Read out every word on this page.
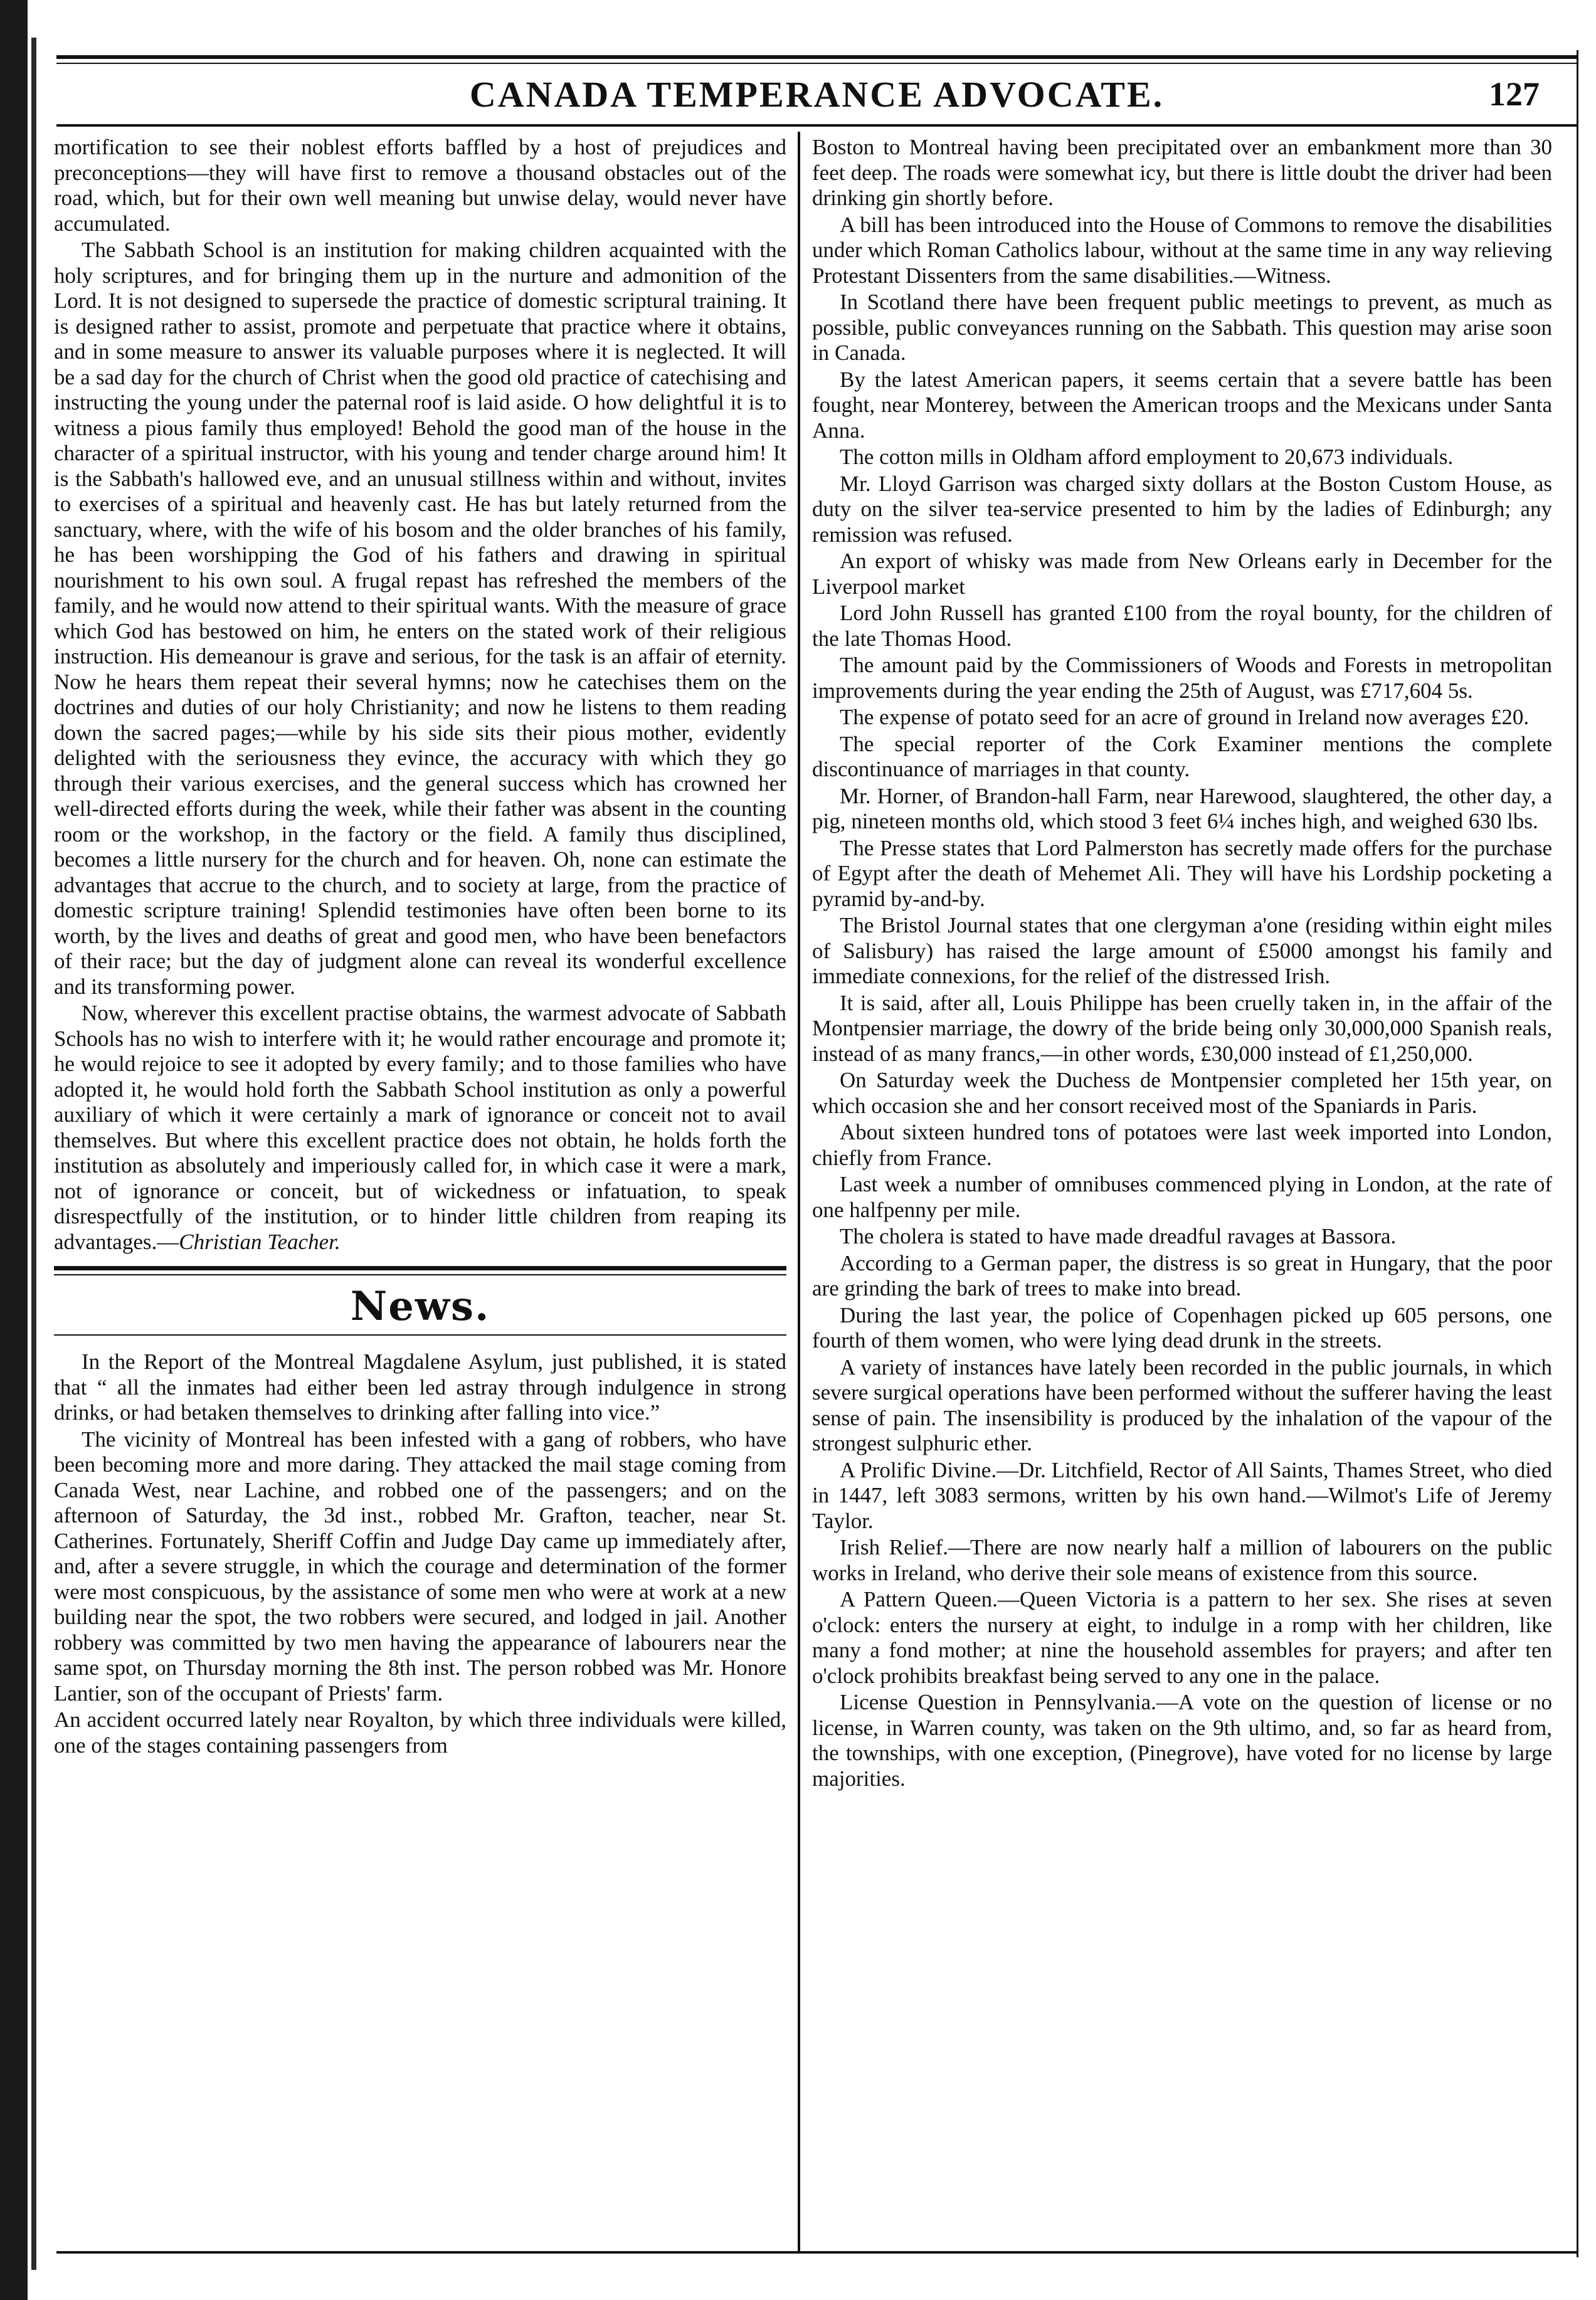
CANADA TEMPERANCE ADVOCATE.	127

mortification to see their noblest efforts baffled by a host of prejudices and preconceptions—they will have first to remove a thousand obstacles out of the road, which, but for their own well meaning but unwise delay, would never have accumulated.

The Sabbath School is an institution for making children acquainted with the holy scriptures, and for bringing them up in the nurture and admonition of the Lord. It is not designed to supersede the practice of domestic scriptural training. It is designed rather to assist, promote and perpetuate that practice where it obtains, and in some measure to answer its valuable purposes where it is neglected. It will be a sad day for the church of Christ when the good old practice of catechising and instructing the young under the paternal roof is laid aside. O how delightful it is to witness a pious family thus employed! Behold the good man of the house in the character of a spiritual instructor, with his young and tender charge around him! It is the Sabbath's hallowed eve, and an unusual stillness within and without, invites to exercises of a spiritual and heavenly cast. He has but lately returned from the sanctuary, where, with the wife of his bosom and the older branches of his family, he has been worshipping the God of his fathers and drawing in spiritual nourishment to his own soul. A frugal repast has refreshed the members of the family, and he would now attend to their spiritual wants. With the measure of grace which God has bestowed on him, he enters on the stated work of their religious instruction. His demeanour is grave and serious, for the task is an affair of eternity. Now he hears them repeat their several hymns; now he catechises them on the doctrines and duties of our holy Christianity; and now he listens to them reading down the sacred pages;—while by his side sits their pious mother, evidently delighted with the seriousness they evince, the accuracy with which they go through their various exercises, and the general success which has crowned her well-directed efforts during the week, while their father was absent in the counting room or the workshop, in the factory or the field. A family thus disciplined, becomes a little nursery for the church and for heaven. Oh, none can estimate the advantages that accrue to the church, and to society at large, from the practice of domestic scripture training! Splendid testimonies have often been borne to its worth, by the lives and deaths of great and good men, who have been benefactors of their race; but the day of judgment alone can reveal its wonderful excellence and its transforming power.

Now, wherever this excellent practise obtains, the warmest advocate of Sabbath Schools has no wish to interfere with it; he would rather encourage and promote it; he would rejoice to see it adopted by every family; and to those families who have adopted it, he would hold forth the Sabbath School institution as only a powerful auxiliary of which it were certainly a mark of ignorance or conceit not to avail themselves. But where this excellent practice does not obtain, he holds forth the institution as absolutely and imperiously called for, in which case it were a mark, not of ignorance or conceit, but of wickedness or infatuation, to speak disrespectfully of the institution, or to hinder little children from reaping its advantages.—Christian Teacher.

News.

In the Report of the Montreal Magdalene Asylum, just published, it is stated that “ all the inmates had either been led astray through indulgence in strong drinks, or had betaken themselves to drinking after falling into vice.”

The vicinity of Montreal has been infested with a gang of robbers, who have been becoming more and more daring. They attacked the mail stage coming from Canada West, near Lachine, and robbed one of the passengers; and on the afternoon of Saturday, the 3d inst., robbed Mr. Grafton, teacher, near St. Catherines. Fortunately, Sheriff Coffin and Judge Day came up immediately after, and, after a severe struggle, in which the courage and determination of the former were most conspicuous, by the assistance of some men who were at work at a new building near the spot, the two robbers were secured, and lodged in jail. Another robbery was committed by two men having the appearance of labourers near the same spot, on Thursday morning the 8th inst. The person robbed was Mr. Honore Lantier, son of the occupant of Priests' farm.

An accident occurred lately near Royalton, by which three individuals were killed, one of the stages containing passengers from

Boston to Montreal having been precipitated over an embankment more than 30 feet deep. The roads were somewhat icy, but there is little doubt the driver had been drinking gin shortly before.

A bill has been introduced into the House of Commons to remove the disabilities under which Roman Catholics labour, without at the same time in any way relieving Protestant Dissenters from the same disabilities.—Witness.

In Scotland there have been frequent public meetings to prevent, as much as possible, public conveyances running on the Sabbath. This question may arise soon in Canada.

By the latest American papers, it seems certain that a severe battle has been fought, near Monterey, between the American troops and the Mexicans under Santa Anna.

The cotton mills in Oldham afford employment to 20,673 individuals.

Mr. Lloyd Garrison was charged sixty dollars at the Boston Custom House, as duty on the silver tea-service presented to him by the ladies of Edinburgh; any remission was refused.

An export of whisky was made from New Orleans early in December for the Liverpool market

Lord John Russell has granted £100 from the royal bounty, for the children of the late Thomas Hood.

The amount paid by the Commissioners of Woods and Forests in metropolitan improvements during the year ending the 25th of August, was £717,604 5s.

The expense of potato seed for an acre of ground in Ireland now averages £20.

The special reporter of the Cork Examiner mentions the complete discontinuance of marriages in that county.

Mr. Horner, of Brandon-hall Farm, near Harewood, slaughtered, the other day, a pig, nineteen months old, which stood 3 feet 6¼ inches high, and weighed 630 lbs.

The Presse states that Lord Palmerston has secretly made offers for the purchase of Egypt after the death of Mehemet Ali. They will have his Lordship pocketing a pyramid by-and-by.

The Bristol Journal states that one clergyman a'one (residing within eight miles of Salisbury) has raised the large amount of £5000 amongst his family and immediate connexions, for the relief of the distressed Irish.

It is said, after all, Louis Philippe has been cruelly taken in, in the affair of the Montpensier marriage, the dowry of the bride being only 30,000,000 Spanish reals, instead of as many francs,—in other words, £30,000 instead of £1,250,000.

On Saturday week the Duchess de Montpensier completed her 15th year, on which occasion she and her consort received most of the Spaniards in Paris.

About sixteen hundred tons of potatoes were last week imported into London, chiefly from France.

Last week a number of omnibuses commenced plying in London, at the rate of one halfpenny per mile.

The cholera is stated to have made dreadful ravages at Bassora.

According to a German paper, the distress is so great in Hungary, that the poor are grinding the bark of trees to make into bread.

During the last year, the police of Copenhagen picked up 605 persons, one fourth of them women, who were lying dead drunk in the streets.

A variety of instances have lately been recorded in the public journals, in which severe surgical operations have been performed without the sufferer having the least sense of pain. The insensibility is produced by the inhalation of the vapour of the strongest sulphuric ether.

A Prolific Divine.—Dr. Litchfield, Rector of All Saints, Thames Street, who died in 1447, left 3083 sermons, written by his own hand.—Wilmot's Life of Jeremy Taylor.

Irish Relief.—There are now nearly half a million of labourers on the public works in Ireland, who derive their sole means of existence from this source.

A Pattern Queen.—Queen Victoria is a pattern to her sex. She rises at seven o'clock: enters the nursery at eight, to indulge in a romp with her children, like many a fond mother; at nine the household assembles for prayers; and after ten o'clock prohibits breakfast being served to any one in the palace.

License Question in Pennsylvania.—A vote on the question of license or no license, in Warren county, was taken on the 9th ultimo, and, so far as heard from, the townships, with one exception, (Pinegrove), have voted for no license by large majorities.
